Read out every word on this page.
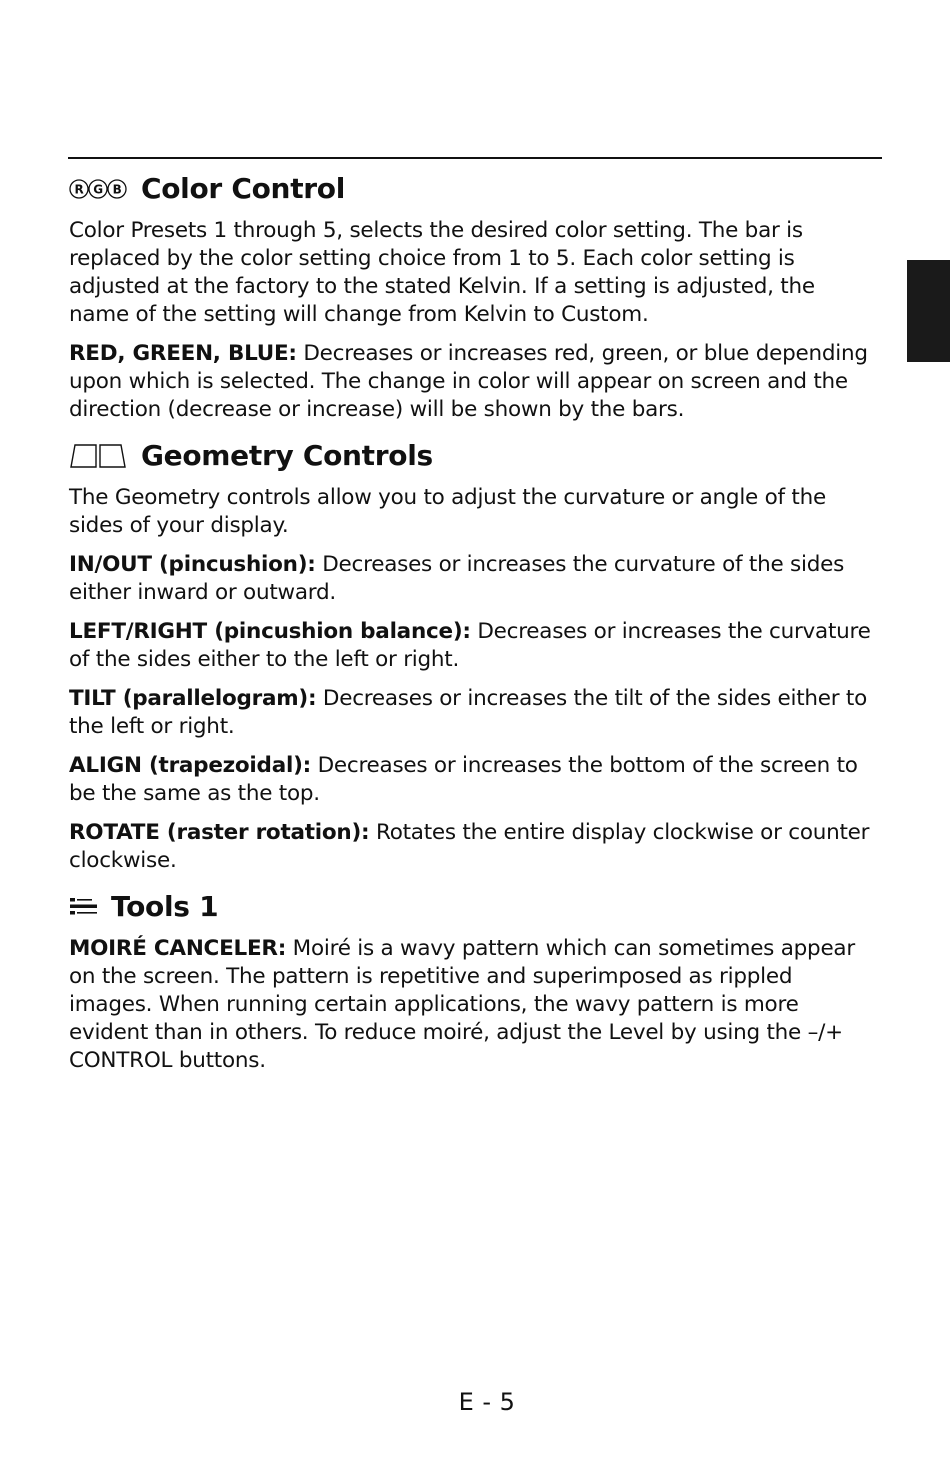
R G B Color Control

Color Presets 1 through 5, selects the desired color setting. The bar is replaced by the color setting choice from 1 to 5. Each color setting is adjusted at the factory to the stated Kelvin. If a setting is adjusted, the name of the setting will change from Kelvin to Custom.

RED, GREEN, BLUE: Decreases or increases red, green, or blue depending upon which is selected. The change in color will appear on screen and the direction (decrease or increase) will be shown by the bars.

Geometry Controls

The Geometry controls allow you to adjust the curvature or angle of the sides of your display.

IN/OUT (pincushion): Decreases or increases the curvature of the sides either inward or outward.

LEFT/RIGHT (pincushion balance): Decreases or increases the curvature of the sides either to the left or right.

TILT (parallelogram): Decreases or increases the tilt of the sides either to the left or right.

ALIGN (trapezoidal): Decreases or increases the bottom of the screen to be the same as the top.

ROTATE (raster rotation): Rotates the entire display clockwise or counter clockwise.

Tools 1

MOIRÉ CANCELER: Moiré is a wavy pattern which can sometimes appear on the screen. The pattern is repetitive and superimposed as rippled images. When running certain applications, the wavy pattern is more evident than in others. To reduce moiré, adjust the Level by using the –/+ CONTROL buttons.

E - 5
